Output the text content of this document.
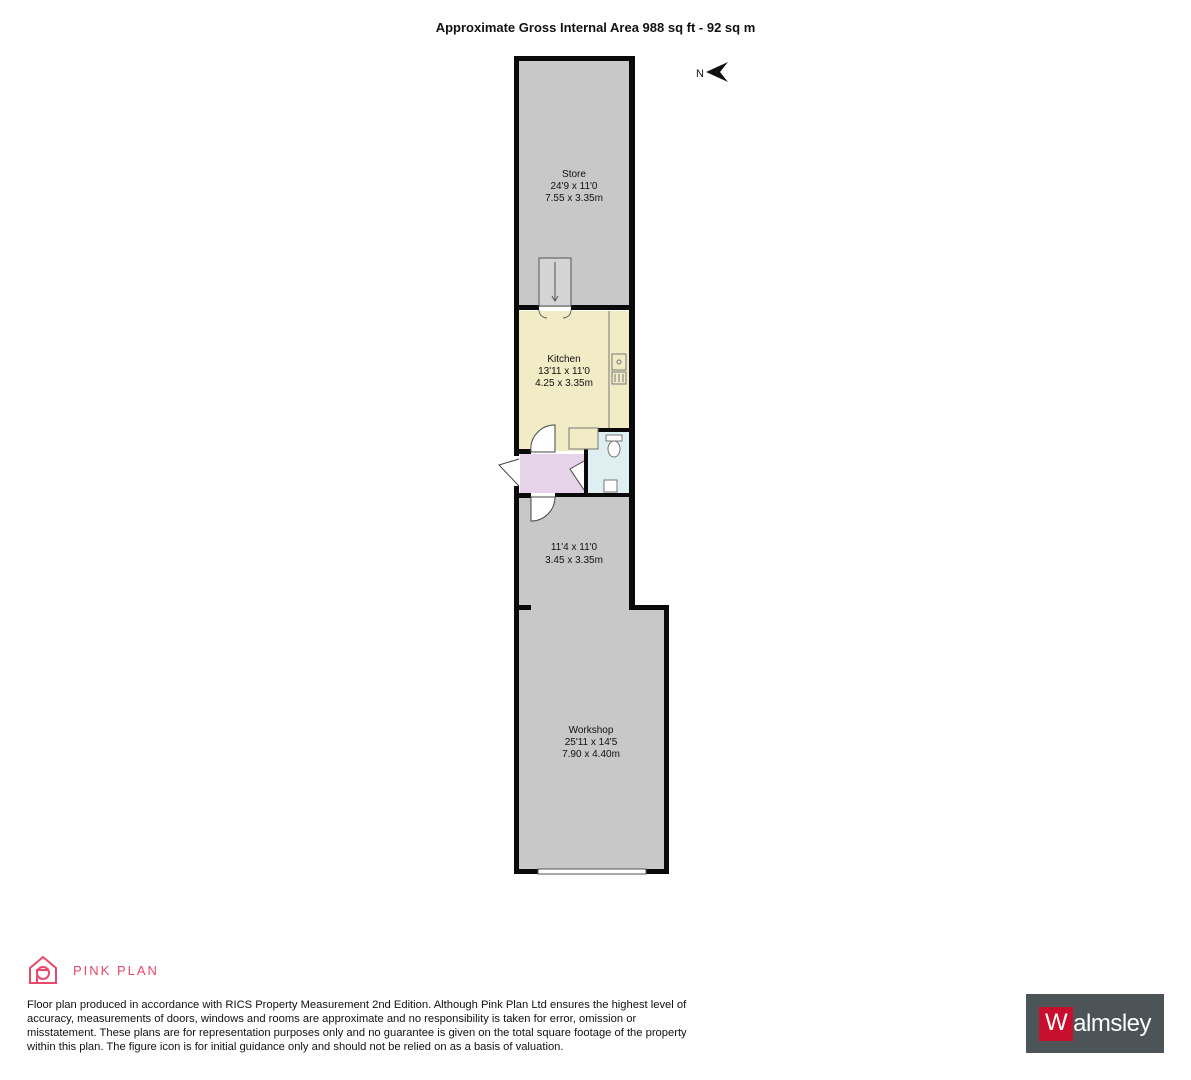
Approximate Gross Internal Area 988 sq ft - 92 sq m
N
Store
24'9 x 11'0
7.55 x 3.35m
Kitchen
13'11 x 11'0
4.25 x 3.35m
11'4 x 11'0
3.45 x 3.35m
Workshop
25'11 x 14'5
7.90 x 4.40m
PINK PLAN
Floor plan produced in accordance with RICS Property Measurement 2nd Edition. Although Pink Plan Ltd ensures the highest level of accuracy, measurements of doors, windows and rooms are approximate and no responsibility is taken for error, omission or misstatement. These plans are for representation purposes only and no guarantee is given on the total square footage of the property within this plan. The figure icon is for initial guidance only and should not be relied on as a basis of valuation.
W almsley
